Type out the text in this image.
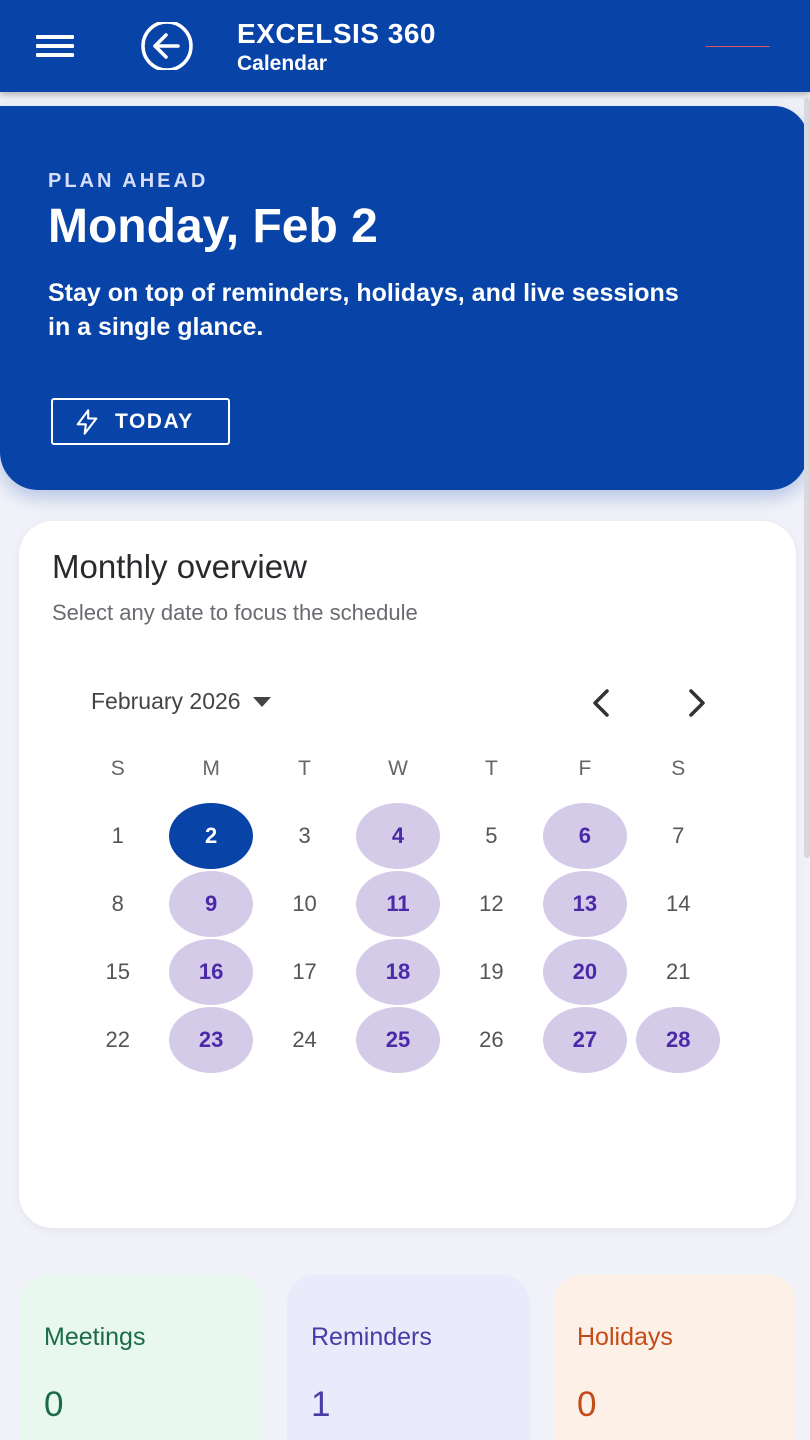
EXCELSIS 360
Calendar
PLAN AHEAD
Monday, Feb 2
Stay on top of reminders, holidays, and live sessions in a single glance.
TODAY
Monthly overview
Select any date to focus the schedule
February 2026
S	M	T	W	T	F	S
1	2	3	4	5	6	7
8	9	10	11	12	13	14
15	16	17	18	19	20	21
22	23	24	25	26	27	28
Meetings
0
Reminders
1
Holidays
0
